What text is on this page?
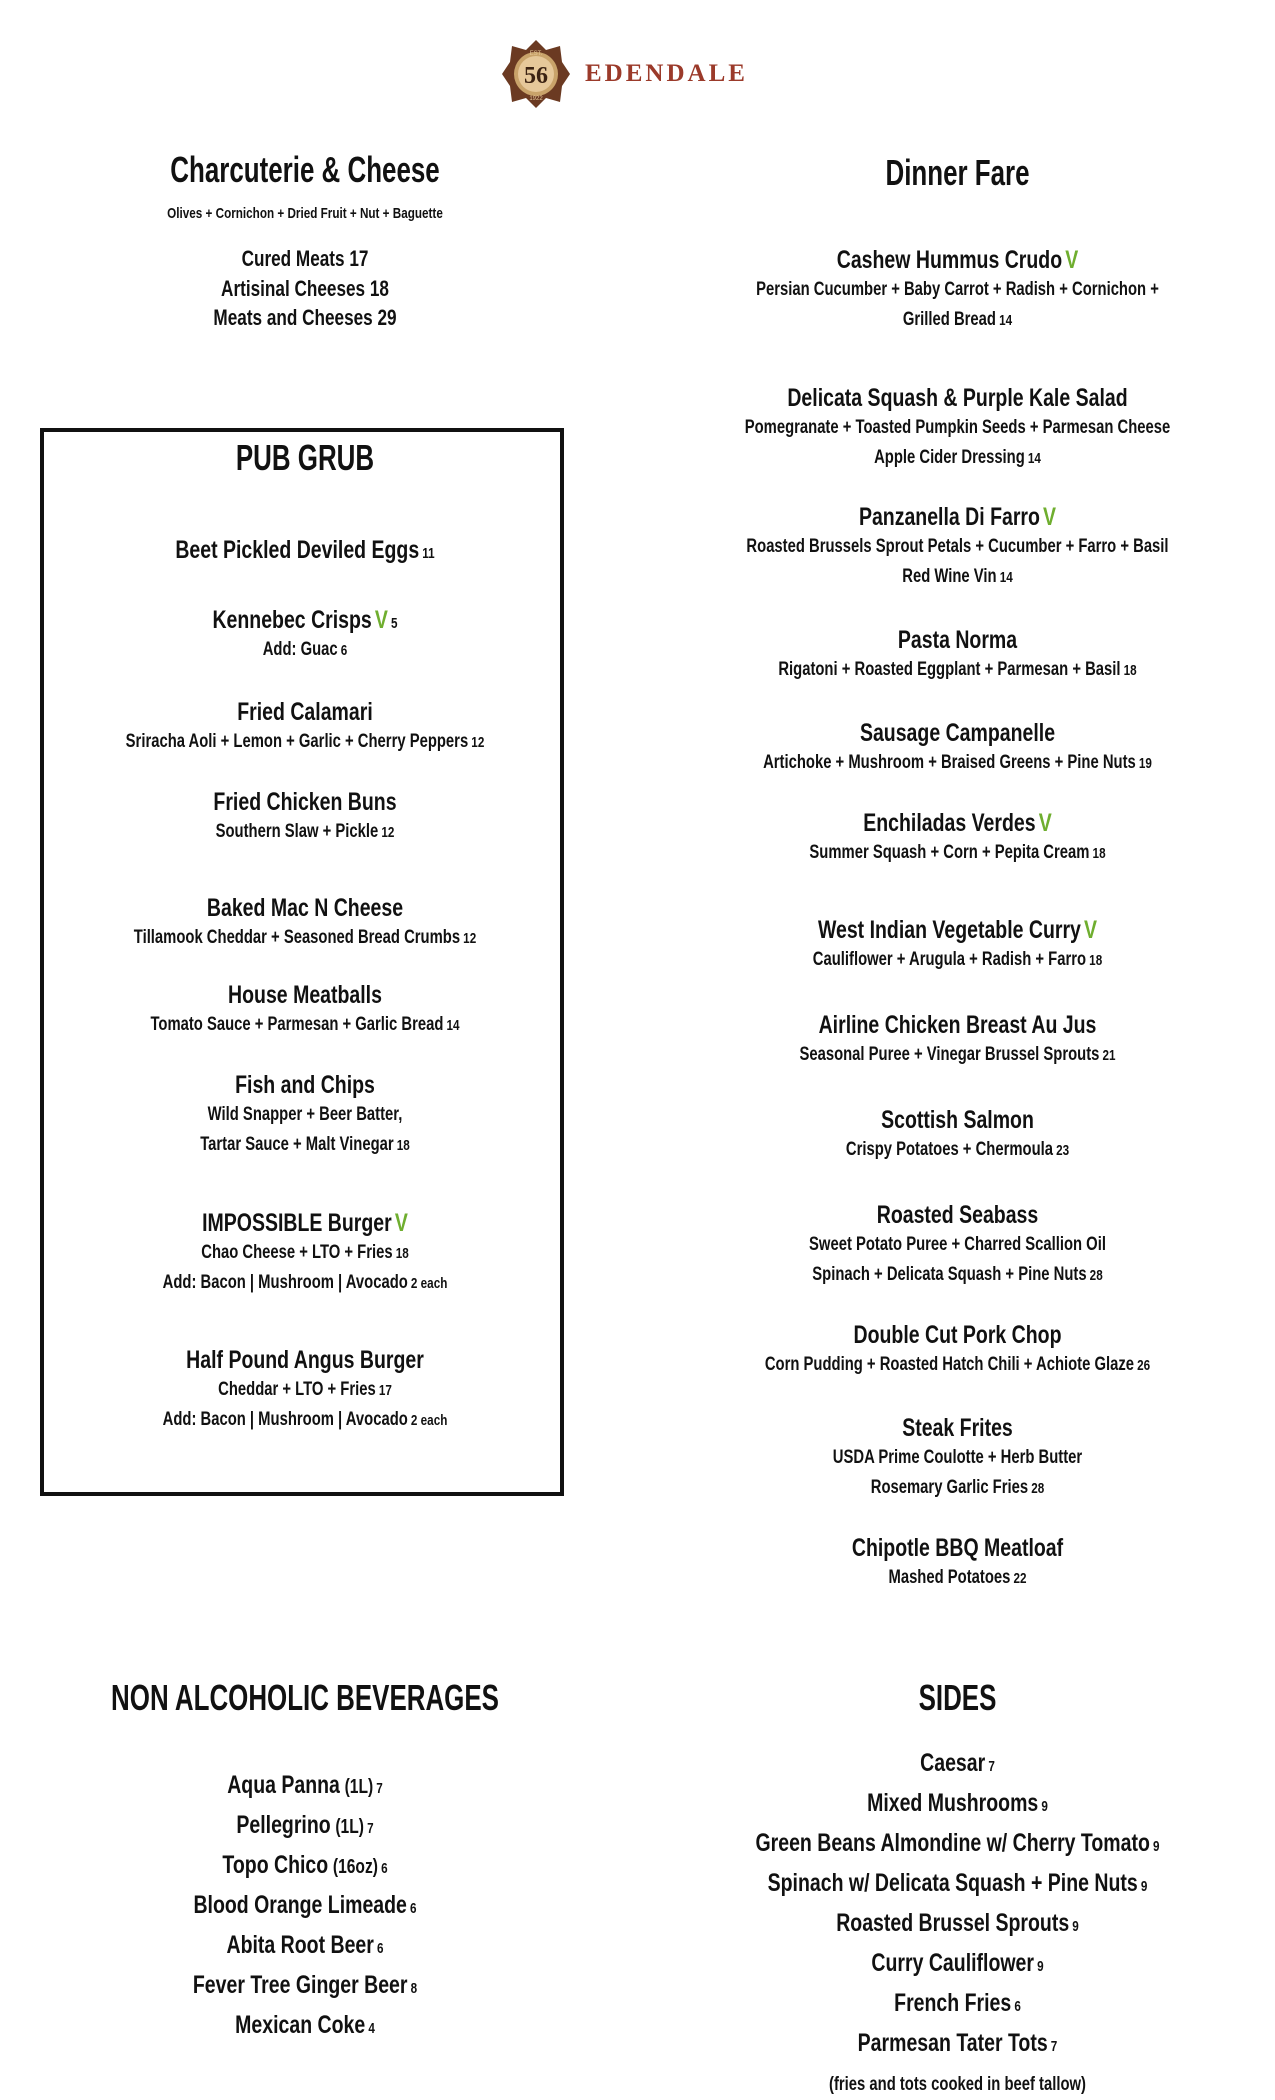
56
EST.
1922
EDENDALE
Charcuterie & Cheese
Olives + Cornichon + Dried Fruit + Nut + Baguette
Cured Meats 17
Artisinal Cheeses 18
Meats and Cheeses 29
PUB GRUB
Beet Pickled Deviled Eggs 11
Kennebec Crisps V 5
Add: Guac 6
Fried Calamari
Sriracha Aoli + Lemon + Garlic + Cherry Peppers 12
Fried Chicken Buns
Southern Slaw + Pickle 12
Baked Mac N Cheese
Tillamook Cheddar + Seasoned Bread Crumbs 12
House Meatballs
Tomato Sauce + Parmesan + Garlic Bread 14
Fish and Chips
Wild Snapper + Beer Batter,
Tartar Sauce + Malt Vinegar 18
IMPOSSIBLE Burger V
Chao Cheese + LTO + Fries 18
Add: Bacon | Mushroom | Avocado 2 each
Half Pound Angus Burger
Cheddar + LTO + Fries 17
Add: Bacon | Mushroom | Avocado 2 each
Dinner Fare
Cashew Hummus Crudo V
Persian Cucumber + Baby Carrot + Radish + Cornichon +
Grilled Bread 14
Delicata Squash & Purple Kale Salad
Pomegranate + Toasted Pumpkin Seeds + Parmesan Cheese
Apple Cider Dressing 14
Panzanella Di Farro V
Roasted Brussels Sprout Petals + Cucumber + Farro + Basil
Red Wine Vin 14
Pasta Norma
Rigatoni + Roasted Eggplant + Parmesan + Basil 18
Sausage Campanelle
Artichoke + Mushroom + Braised Greens + Pine Nuts 19
Enchiladas Verdes V
Summer Squash + Corn + Pepita Cream 18
West Indian Vegetable Curry V
Cauliflower + Arugula + Radish + Farro 18
Airline Chicken Breast Au Jus
Seasonal Puree + Vinegar Brussel Sprouts 21
Scottish Salmon
Crispy Potatoes + Chermoula 23
Roasted Seabass
Sweet Potato Puree + Charred Scallion Oil
Spinach + Delicata Squash + Pine Nuts 28
Double Cut Pork Chop
Corn Pudding + Roasted Hatch Chili + Achiote Glaze 26
Steak Frites
USDA Prime Coulotte + Herb Butter
Rosemary Garlic Fries 28
Chipotle BBQ Meatloaf
Mashed Potatoes 22
NON ALCOHOLIC BEVERAGES
Aqua Panna (1L) 7
Pellegrino (1L) 7
Topo Chico (16oz) 6
Blood Orange Limeade 6
Abita Root Beer 6
Fever Tree Ginger Beer 8
Mexican Coke 4
SIDES
Caesar 7
Mixed Mushrooms 9
Green Beans Almondine w/ Cherry Tomato 9
Spinach w/ Delicata Squash + Pine Nuts 9
Roasted Brussel Sprouts 9
Curry Cauliflower 9
French Fries 6
Parmesan Tater Tots 7
(fries and tots cooked in beef tallow)
